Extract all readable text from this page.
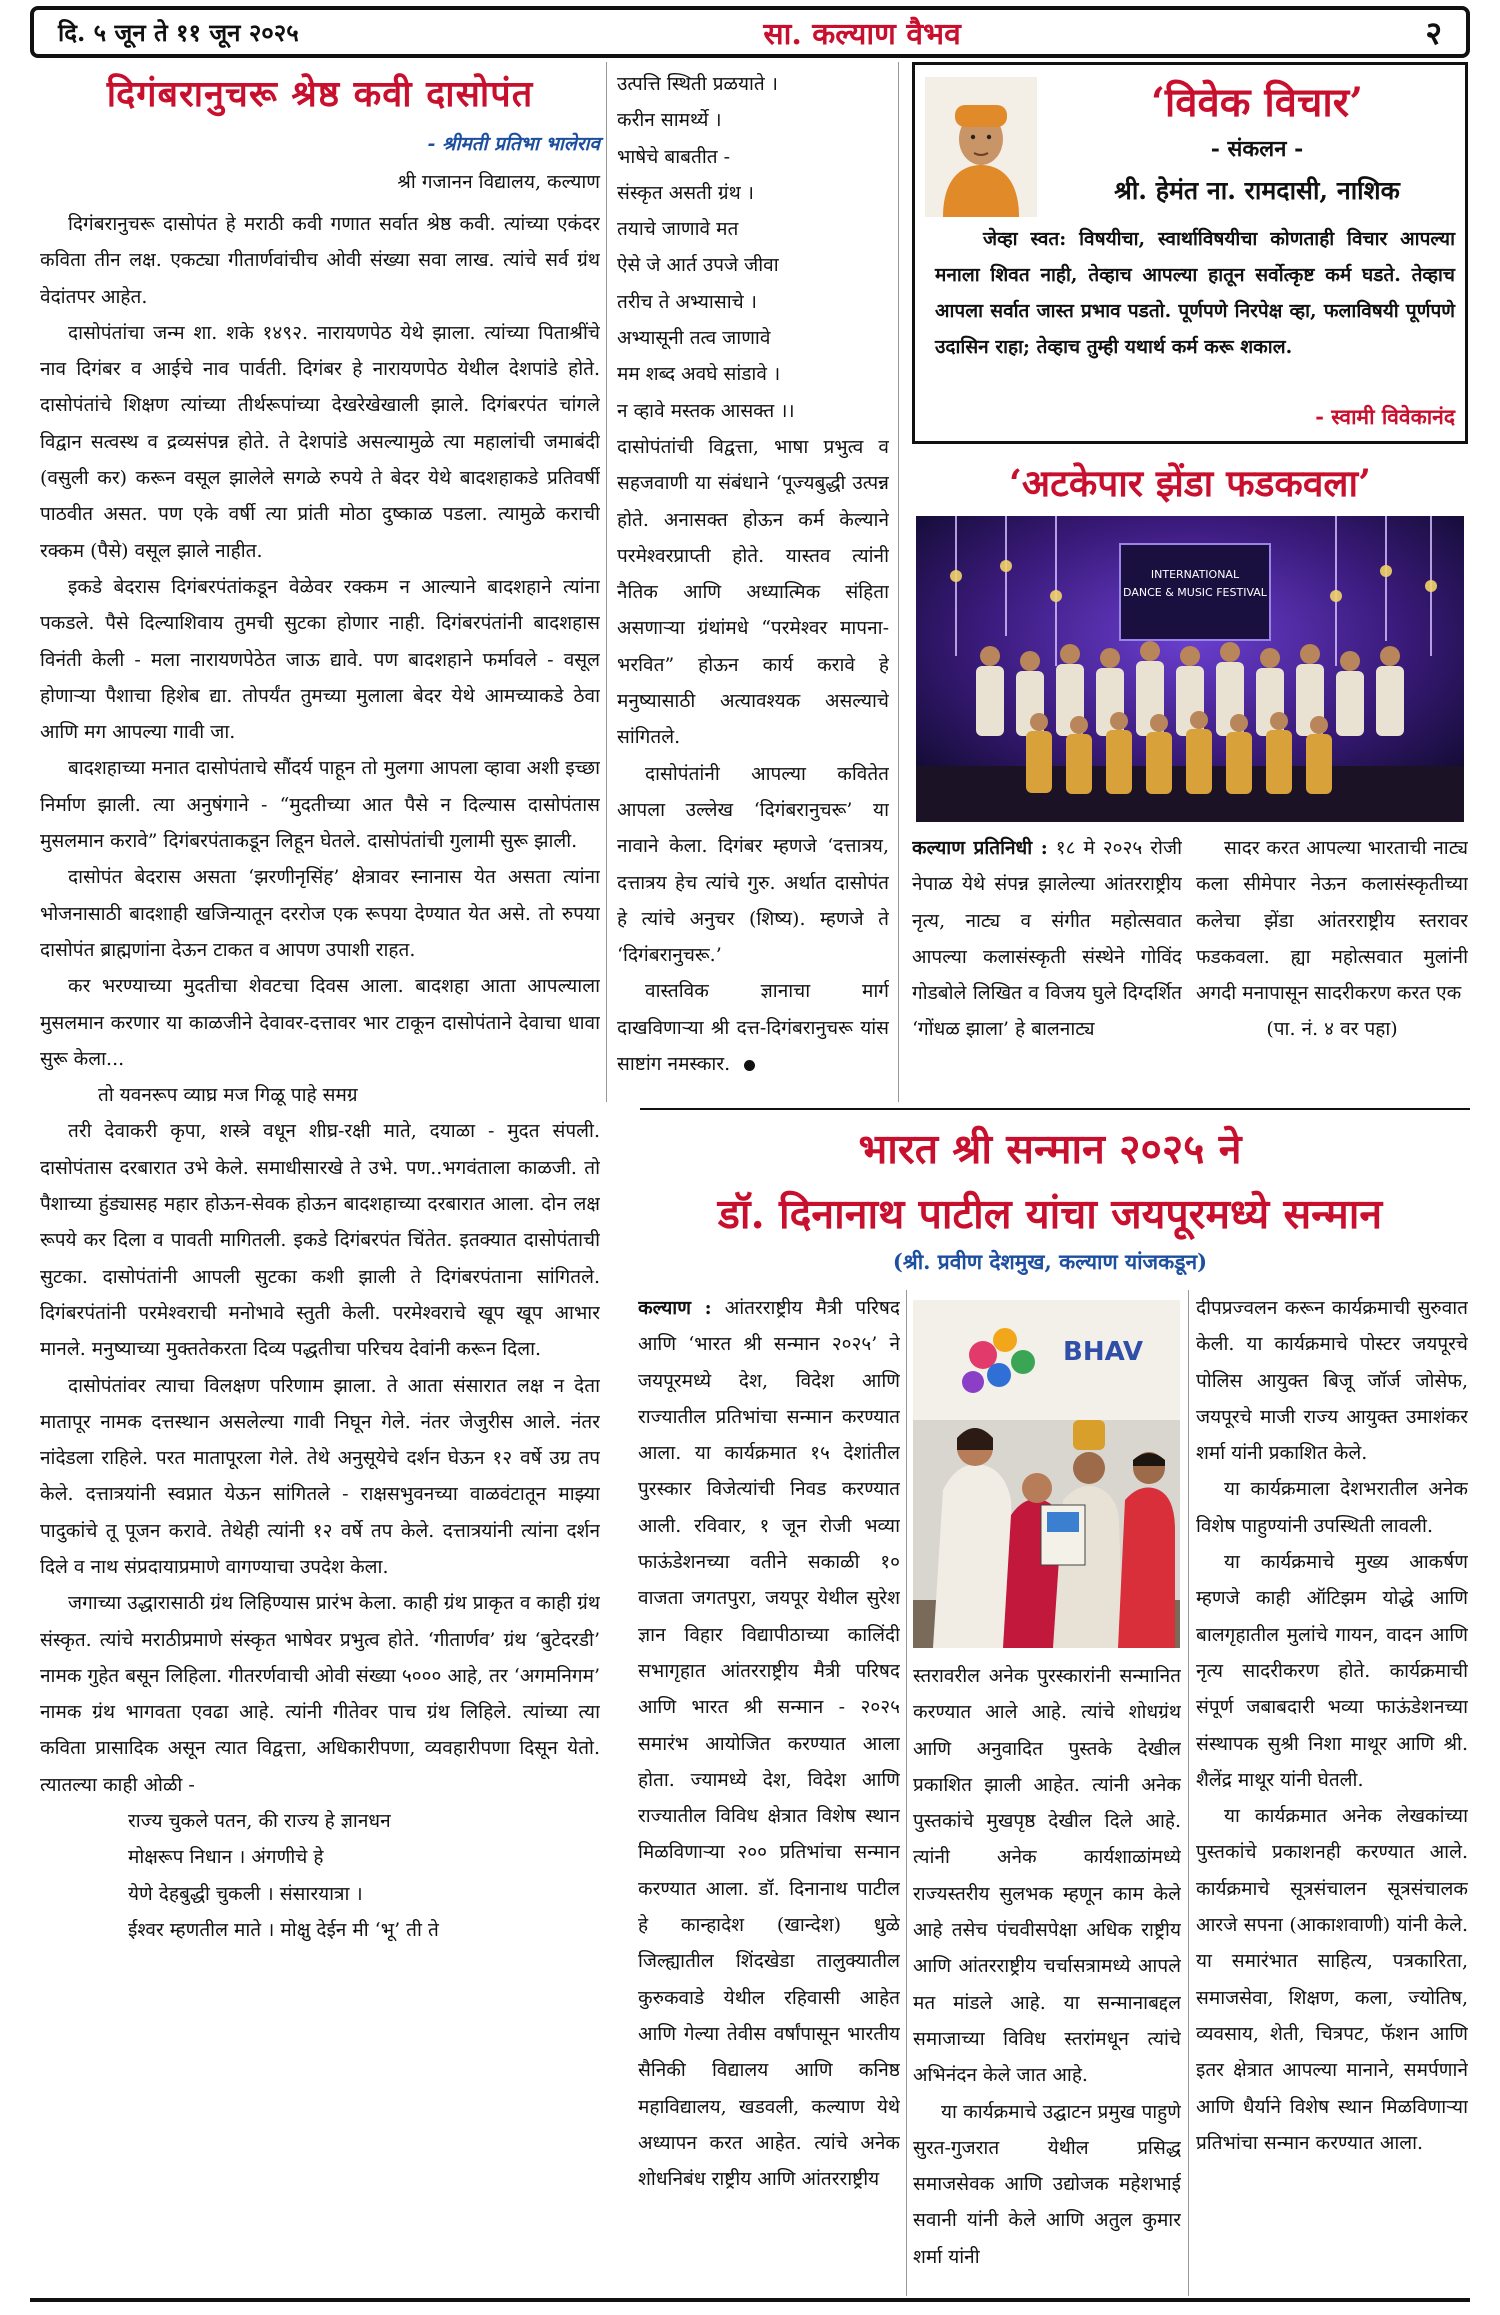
दि. ५ जून ते ११ जून २०२५	सा. कल्याण वैभव	२
दिगंबरानुचरू श्रेष्ठ कवी दासोपंत
- श्रीमती प्रतिभा भालेराव
श्री गजानन विद्यालय, कल्याण

दिगंबरानुचरू दासोपंत हे मराठी कवी गणात सर्वात श्रेष्ठ कवी. त्यांच्या एकंदर कविता तीन लक्ष. एकट्या गीतार्णवांचीच ओवी संख्या सवा लाख. त्यांचे सर्व ग्रंथ वेदांतपर आहेत.

दासोपंतांचा जन्म शा. शके १४९२. नारायणपेठ येथे झाला. त्यांच्या पिताश्रींचे नाव दिगंबर व आईचे नाव पार्वती. दिगंबर हे नारायणपेठ येथील देशपांडे होते. दासोपंतांचे शिक्षण त्यांच्या तीर्थरूपांच्या देखरेखेखाली झाले. दिगंबरपंत चांगले विद्वान सत्वस्थ व द्रव्यसंपन्न होते. ते देशपांडे असल्यामुळे त्या महालांची जमाबंदी (वसुली कर) करून वसूल झालेले सगळे रुपये ते बेदर येथे बादशहाकडे प्रतिवर्षी पाठवीत असत. पण एके वर्षी त्या प्रांती मोठा दुष्काळ पडला. त्यामुळे कराची रक्कम (पैसे) वसूल झाले नाहीत.

इकडे बेदरास दिगंबरपंतांकडून वेळेवर रक्कम न आल्याने बादशहाने त्यांना पकडले. पैसे दिल्याशिवाय तुमची सुटका होणार नाही. दिगंबरपंतांनी बादशहास विनंती केली - मला नारायणपेठेत जाऊ द्यावे. पण बादशहाने फर्मावले - वसूल होणाऱ्या पैशाचा हिशेब द्या. तोपर्यंत तुमच्या मुलाला बेदर येथे आमच्याकडे ठेवा आणि मग आपल्या गावी जा.

बादशहाच्या मनात दासोपंताचे सौंदर्य पाहून तो मुलगा आपला व्हावा अशी इच्छा निर्माण झाली. त्या अनुषंगाने - “मुदतीच्या आत पैसे न दिल्यास दासोपंतास मुसलमान करावे” दिगंबरपंताकडून लिहून घेतले. दासोपंतांची गुलामी सुरू झाली.

दासोपंत बेदरास असता ‘झरणीनृसिंह’ क्षेत्रावर स्नानास येत असता त्यांना भोजनासाठी बादशाही खजिन्यातून दररोज एक रूपया देण्यात येत असे. तो रुपया दासोपंत ब्राह्मणांना देऊन टाकत व आपण उपाशी राहत.

कर भरण्याच्या मुदतीचा शेवटचा दिवस आला. बादशहा आता आपल्याला मुसलमान करणार या काळजीने देवावर-दत्तावर भार टाकून दासोपंताने देवाचा धावा सुरू केला...

तो यवनरूप व्याघ्र मज गिळू पाहे समग्र

तरी देवाकरी कृपा, शस्त्रे वधून शीघ्र-रक्षी माते, दयाळा - मुदत संपली. दासोपंतास दरबारात उभे केले. समाधीसारखे ते उभे. पण..भगवंताला काळजी. तो पैशाच्या हुंड्यासह महार होऊन-सेवक होऊन बादशहाच्या दरबारात आला. दोन लक्ष रूपये कर दिला व पावती मागितली. इकडे दिगंबरपंत चिंतेत. इतक्यात दासोपंताची सुटका. दासोपंतांनी आपली सुटका कशी झाली ते दिगंबरपंताना सांगितले. दिगंबरपंतांनी परमेश्वराची मनोभावे स्तुती केली. परमेश्वराचे खूप खूप आभार मानले. मनुष्याच्या मुक्ततेकरता दिव्य पद्धतीचा परिचय देवांनी करून दिला.

दासोपंतांवर त्याचा विलक्षण परिणाम झाला. ते आता संसारात लक्ष न देता मातापूर नामक दत्तस्थान असलेल्या गावी निघून गेले. नंतर जेजुरीस आले. नंतर नांदेडला राहिले. परत मातापूरला गेले. तेथे अनुसूयेचे दर्शन घेऊन १२ वर्षे उग्र तप केले. दत्तात्रयांनी स्वप्नात येऊन सांगितले - राक्षसभुवनच्या वाळवंटातून माझ्या पादुकांचे तू पूजन करावे. तेथेही त्यांनी १२ वर्षे तप केले. दत्तात्रयांनी त्यांना दर्शन दिले व नाथ संप्रदायाप्रमाणे वागण्याचा उपदेश केला.

जगाच्या उद्धारासाठी ग्रंथ लिहिण्यास प्रारंभ केला. काही ग्रंथ प्राकृत व काही ग्रंथ संस्कृत. त्यांचे मराठीप्रमाणे संस्कृत भाषेवर प्रभुत्व होते. ‘गीतार्णव’ ग्रंथ ‘बुटेदरडी’ नामक गुहेत बसून लिहिला. गीतरर्णवाची ओवी संख्या ५००० आहे, तर ‘अगमनिगम’ नामक ग्रंथ भागवता एवढा आहे. त्यांनी गीतेवर पाच ग्रंथ लिहिले. त्यांच्या त्या कविता प्रासादिक असून त्यात विद्वत्ता, अधिकारीपणा, व्यवहारीपणा दिसून येतो. त्यातल्या काही ओळी -

राज्य चुकले पतन, की राज्य हे ज्ञानधन

मोक्षरूप निधान । अंगणीचे हे

येणे देहबुद्धी चुकली । संसारयात्रा ।

ईश्वर म्हणतील माते । मोक्षु देईन मी ‘भू’ ती ते

उत्पत्ति स्थिती प्रळयाते ।

करीन सामर्थ्ये ।

भाषेचे बाबतीत -

संस्कृत असती ग्रंथ ।

तयाचे जाणावे मत

ऐसे जे आर्त उपजे जीवा

तरीच ते अभ्यासाचे ।

अभ्यासूनी तत्व जाणावे

मम शब्द अवघे सांडावे ।

न व्हावे मस्तक आसक्त ।।

दासोपंतांची विद्वत्ता, भाषा प्रभुत्व व सहजवाणी या संबंधाने ‘पूज्यबुद्धी उत्पन्न होते. अनासक्त होऊन कर्म केल्याने परमेश्वरप्राप्ती होते. यास्तव त्यांनी नैतिक आणि अध्यात्मिक संहिता असणाऱ्या ग्रंथांमधे “परमेश्वर मापना-भरवित” होऊन कार्य करावे हे मनुष्यासाठी अत्यावश्यक असल्याचे सांगितले.

दासोपंतांनी आपल्या कवितेत आपला उल्लेख ‘दिगंबरानुचरू’ या नावाने केला. दिगंबर म्हणजे ‘दत्तात्रय, दत्तात्रय हेच त्यांचे गुरु. अर्थात दासोपंत हे त्यांचे अनुचर (शिष्य). म्हणजे ते ‘दिगंबरानुचरू.’

वास्तविक ज्ञानाचा मार्ग दाखविणाऱ्या श्री दत्त-दिगंबरानुचरू यांस साष्टांग नमस्कार.

‘विवेक विचार’
- संकलन -
श्री. हेमंत ना. रामदासी, नाशिक
जेव्हा स्वत: विषयीचा, स्वार्थाविषयीचा कोणताही विचार आपल्या मनाला शिवत नाही, तेव्हाच आपल्या हातून सर्वोत्कृष्ट कर्म घडते. तेव्हाच आपला सर्वात जास्त प्रभाव पडतो. पूर्णपणे निरपेक्ष व्हा, फलाविषयी पूर्णपणे उदासिन राहा; तेव्हाच तुम्ही यथार्थ कर्म करू शकाल.
- स्वामी विवेकानंद
‘अटकेपार झेंडा फडकवला’
INTERNATIONAL
DANCE & MUSIC FESTIVAL

कल्याण प्रतिनिधी : १८ मे २०२५ रोजी नेपाळ येथे संपन्न झालेल्या आंतरराष्ट्रीय नृत्य, नाट्य व संगीत महोत्सवात आपल्या कलासंस्कृती संस्थेने गोविंद गोडबोले लिखित व विजय घुले दिग्दर्शित ‘गोंधळ झाला’ हे बालनाट्य

सादर करत आपल्या भारताची नाट्य कला सीमेपार नेऊन कलासंस्कृतीच्या कलेचा झेंडा आंतरराष्ट्रीय स्तरावर फडकवला. ह्या महोत्सवात मुलांनी अगदी मनापासून सादरीकरण करत एक

(पा. नं. ४ वर पहा)

भारत श्री सन्मान २०२५ ने
डॉ. दिनानाथ पाटील यांचा जयपूरमध्ये सन्मान
(श्री. प्रवीण देशमुख, कल्याण यांजकडून)

कल्याण : आंतरराष्ट्रीय मैत्री परिषद आणि ‘भारत श्री सन्मान २०२५’ ने जयपूरमध्ये देश, विदेश आणि राज्यातील प्रतिभांचा सन्मान करण्यात आला. या कार्यक्रमात १५ देशांतील पुरस्कार विजेत्यांची निवड करण्यात आली. रविवार, १ जून रोजी भव्या फाऊंडेशनच्या वतीने सकाळी १० वाजता जगतपुरा, जयपूर येथील सुरेश ज्ञान विहार विद्यापीठाच्या कालिंदी सभागृहात आंतरराष्ट्रीय मैत्री परिषद आणि भारत श्री सन्मान - २०२५ समारंभ आयोजित करण्यात आला होता. ज्यामध्ये देश, विदेश आणि राज्यातील विविध क्षेत्रात विशेष स्थान मिळविणाऱ्या २०० प्रतिभांचा सन्मान करण्यात आला. डॉ. दिनानाथ पाटील हे कान्हादेश (खान्देश) धुळे जिल्ह्यातील शिंदखेडा तालुक्यातील कुरुकवाडे येथील रहिवासी आहेत आणि गेल्या तेवीस वर्षांपासून भारतीय सैनिकी विद्यालय आणि कनिष्ठ महाविद्यालय, खडवली, कल्याण येथे अध्यापन करत आहेत. त्यांचे अनेक शोधनिबंध राष्ट्रीय आणि आंतरराष्ट्रीय

BHAV

स्तरावरील अनेक पुरस्कारांनी सन्मानित करण्यात आले आहे. त्यांचे शोधग्रंथ आणि अनुवादित पुस्तके देखील प्रकाशित झाली आहेत. त्यांनी अनेक पुस्तकांचे मुखपृष्ठ देखील दिले आहे. त्यांनी अनेक कार्यशाळांमध्ये राज्यस्तरीय सुलभक म्हणून काम केले आहे तसेच पंचवीसपेक्षा अधिक राष्ट्रीय आणि आंतरराष्ट्रीय चर्चासत्रामध्ये आपले मत मांडले आहे. या सन्मानाबद्दल समाजाच्या विविध स्तरांमधून त्यांचे अभिनंदन केले जात आहे.

या कार्यक्रमाचे उद्घाटन प्रमुख पाहुणे सुरत-गुजरात येथील प्रसिद्ध समाजसेवक आणि उद्योजक महेशभाई सवानी यांनी केले आणि अतुल कुमार शर्मा यांनी

दीपप्रज्वलन करून कार्यक्रमाची सुरुवात केली. या कार्यक्रमाचे पोस्टर जयपूरचे पोलिस आयुक्त बिजू जॉर्ज जोसेफ, जयपूरचे माजी राज्य आयुक्त उमाशंकर शर्मा यांनी प्रकाशित केले.

या कार्यक्रमाला देशभरातील अनेक विशेष पाहुण्यांनी उपस्थिती लावली.

या कार्यक्रमाचे मुख्य आकर्षण म्हणजे काही ऑटिझम योद्धे आणि बालगृहातील मुलांचे गायन, वादन आणि नृत्य सादरीकरण होते. कार्यक्रमाची संपूर्ण जबाबदारी भव्या फाऊंडेशनच्या संस्थापक सुश्री निशा माथूर आणि श्री. शैलेंद्र माथूर यांनी घेतली.

या कार्यक्रमात अनेक लेखकांच्या पुस्तकांचे प्रकाशनही करण्यात आले. कार्यक्रमाचे सूत्रसंचालन सूत्रसंचालक आरजे सपना (आकाशवाणी) यांनी केले. या समारंभात साहित्य, पत्रकारिता, समाजसेवा, शिक्षण, कला, ज्योतिष, व्यवसाय, शेती, चित्रपट, फॅशन आणि इतर क्षेत्रात आपल्या मानाने, समर्पणाने आणि धैर्याने विशेष स्थान मिळविणाऱ्या प्रतिभांचा सन्मान करण्यात आला.
